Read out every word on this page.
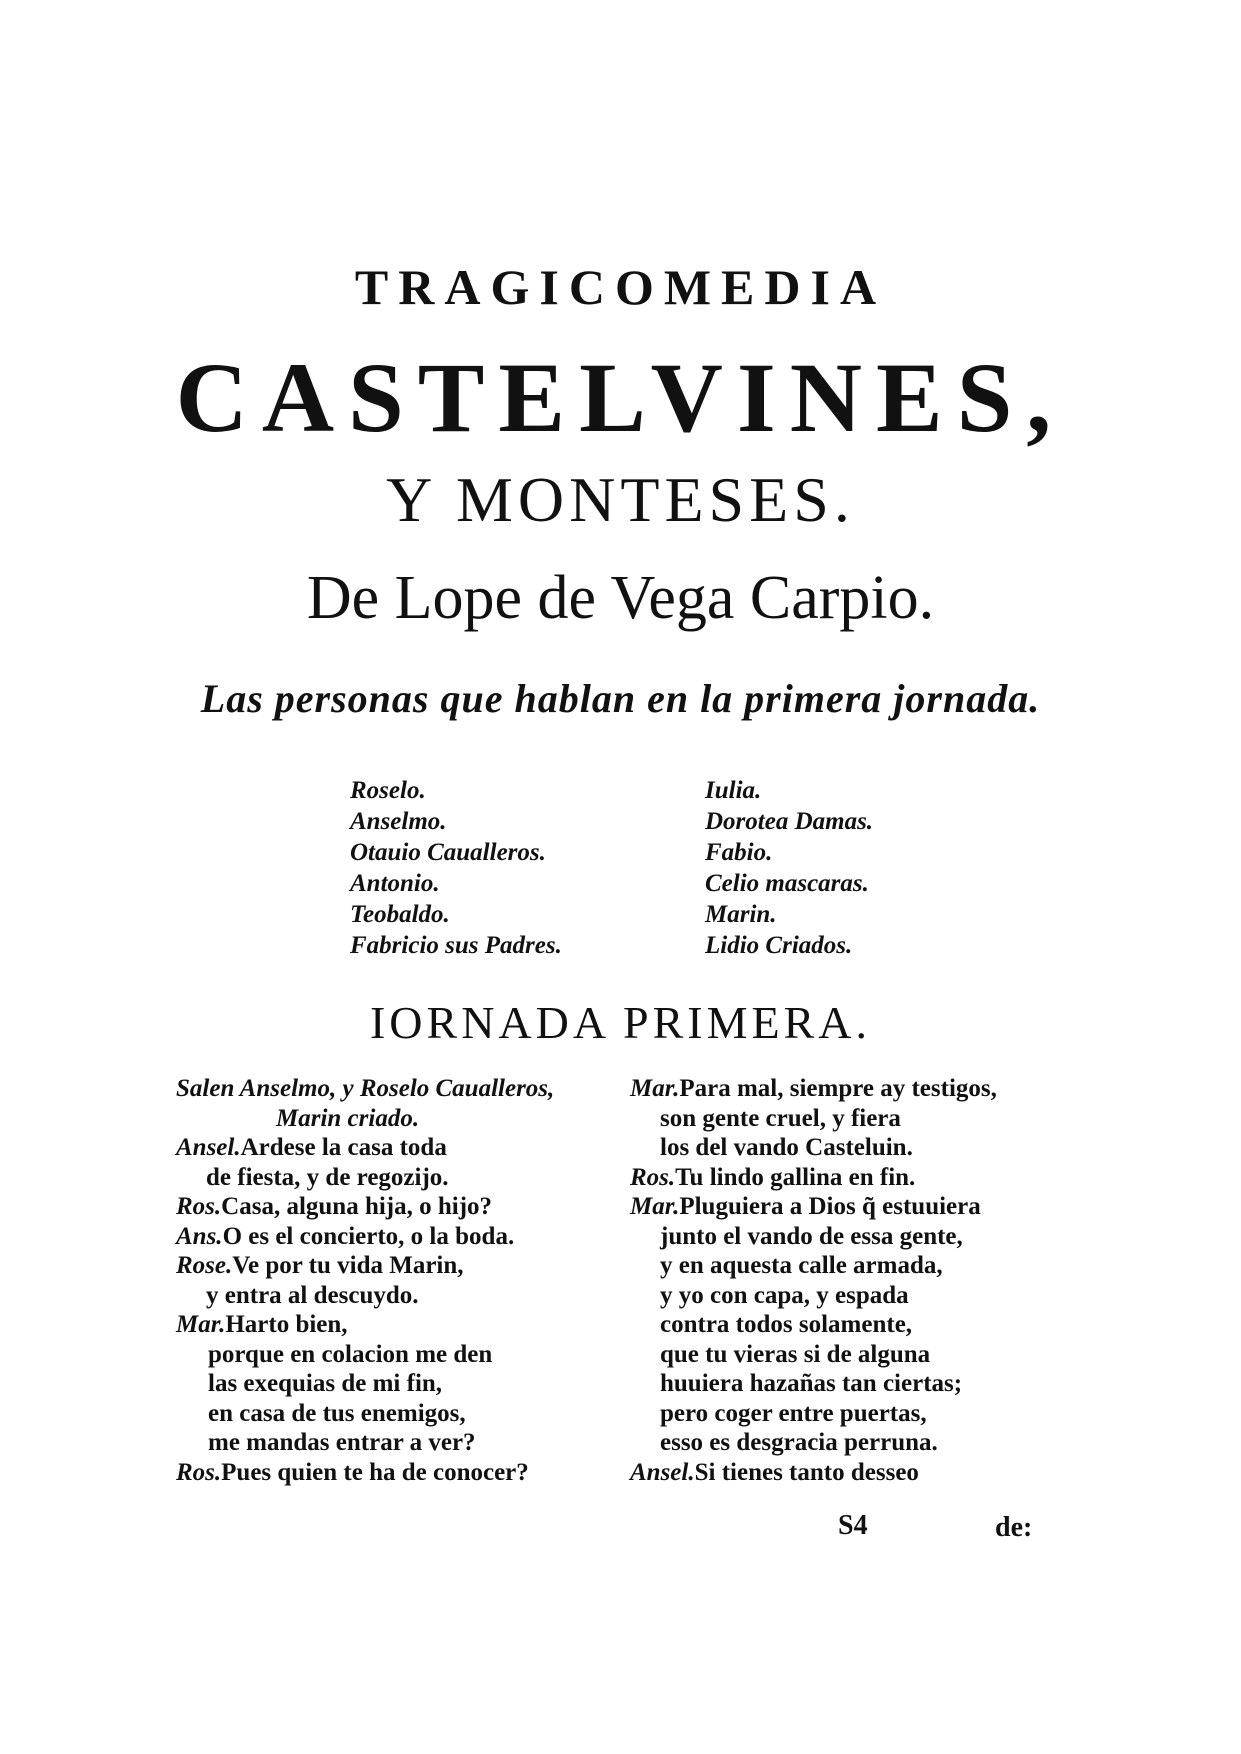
TRAGICOMEDIA
CASTELVINES,
Y MONTESES.
De Lope de Vega Carpio.
Las personas que hablan en la primera jornada.
Roselo.
Anselmo.
Otauio Caualleros.
Antonio.
Teobaldo.
Fabricio sus Padres.
Iulia.
Dorotea Damas.
Fabio.
Celio mascaras.
Marin.
Lidio Criados.
IORNADA PRIMERA.
Salen Anselmo, y Roselo Caualleros,
Marin criado.
Ansel.Ardese la casa toda
de fiesta, y de regozijo.
Ros.Casa, alguna hija, o hijo?
Ans.O es el concierto, o la boda.
Rose.Ve por tu vida Marin,
y entra al descuydo.
Mar.Harto bien,
porque en colacion me den
las exequias de mi fin,
en casa de tus enemigos,
me mandas entrar a ver?
Ros.Pues quien te ha de conocer?
Mar.Para mal, siempre ay testigos,
son gente cruel, y fiera
los del vando Casteluin.
Ros.Tu lindo gallina en fin.
Mar.Pluguiera a Dios q̃ estuuiera
junto el vando de essa gente,
y en aquesta calle armada,
y yo con capa, y espada
contra todos solamente,
que tu vieras si de alguna
huuiera hazañas tan ciertas;
pero coger entre puertas,
esso es desgracia perruna.
Ansel.Si tienes tanto desseo
S4	de:
